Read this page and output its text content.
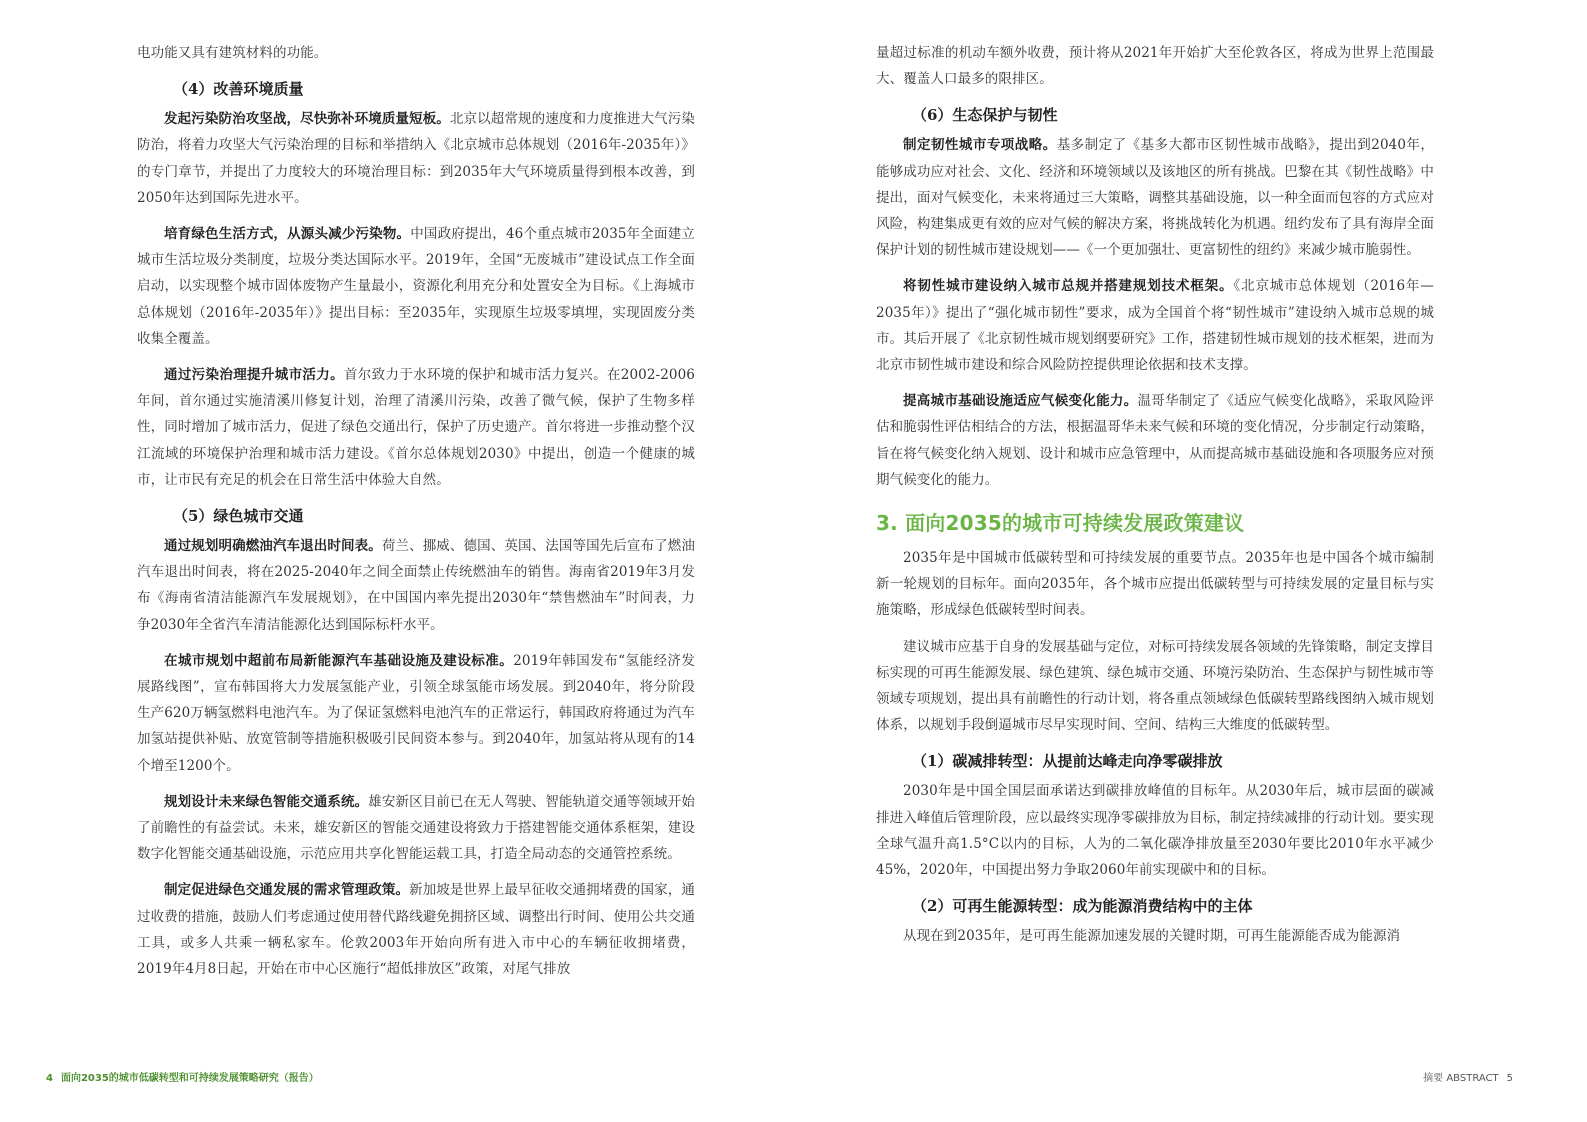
电功能又具有建筑材料的功能。

（4）改善环境质量

发起污染防治攻坚战，尽快弥补环境质量短板。北京以超常规的速度和力度推进大气污染防治，将着力攻坚大气污染治理的目标和举措纳入《北京城市总体规划（2016年-2035年）》的专门章节，并提出了力度较大的环境治理目标：到2035年大气环境质量得到根本改善，到2050年达到国际先进水平。

培育绿色生活方式，从源头减少污染物。中国政府提出，46个重点城市2035年全面建立城市生活垃圾分类制度，垃圾分类达国际水平。2019年，全国“无废城市”建设试点工作全面启动，以实现整个城市固体废物产生量最小，资源化利用充分和处置安全为目标。《上海城市总体规划（2016年-2035年）》提出目标：至2035年，实现原生垃圾零填埋，实现固废分类收集全覆盖。

通过污染治理提升城市活力。首尔致力于水环境的保护和城市活力复兴。在2002-2006年间，首尔通过实施清溪川修复计划，治理了清溪川污染，改善了微气候，保护了生物多样性，同时增加了城市活力，促进了绿色交通出行，保护了历史遗产。首尔将进一步推动整个汉江流域的环境保护治理和城市活力建设。《首尔总体规划2030》中提出，创造一个健康的城市，让市民有充足的机会在日常生活中体验大自然。

（5）绿色城市交通

通过规划明确燃油汽车退出时间表。荷兰、挪威、德国、英国、法国等国先后宣布了燃油汽车退出时间表，将在2025-2040年之间全面禁止传统燃油车的销售。海南省2019年3月发布《海南省清洁能源汽车发展规划》，在中国国内率先提出2030年“禁售燃油车”时间表，力争2030年全省汽车清洁能源化达到国际标杆水平。

在城市规划中超前布局新能源汽车基础设施及建设标准。2019年韩国发布“氢能经济发展路线图”，宣布韩国将大力发展氢能产业，引领全球氢能市场发展。到2040年，将分阶段生产620万辆氢燃料电池汽车。为了保证氢燃料电池汽车的正常运行，韩国政府将通过为汽车加氢站提供补贴、放宽管制等措施积极吸引民间资本参与。到2040年，加氢站将从现有的14个增至1200个。

规划设计未来绿色智能交通系统。雄安新区目前已在无人驾驶、智能轨道交通等领域开始了前瞻性的有益尝试。未来，雄安新区的智能交通建设将致力于搭建智能交通体系框架，建设数字化智能交通基础设施，示范应用共享化智能运载工具，打造全局动态的交通管控系统。

制定促进绿色交通发展的需求管理政策。新加坡是世界上最早征收交通拥堵费的国家，通过收费的措施，鼓励人们考虑通过使用替代路线避免拥挤区域、调整出行时间、使用公共交通工具，或多人共乘一辆私家车。伦敦2003年开始向所有进入市中心的车辆征收拥堵费，2019年4月8日起，开始在市中心区施行“超低排放区”政策，对尾气排放

量超过标准的机动车额外收费，预计将从2021年开始扩大至伦敦各区，将成为世界上范围最大、覆盖人口最多的限排区。

（6）生态保护与韧性

制定韧性城市专项战略。基多制定了《基多大都市区韧性城市战略》，提出到2040年，能够成功应对社会、文化、经济和环境领域以及该地区的所有挑战。巴黎在其《韧性战略》中提出，面对气候变化，未来将通过三大策略，调整其基础设施，以一种全面而包容的方式应对风险，构建集成更有效的应对气候的解决方案，将挑战转化为机遇。纽约发布了具有海岸全面保护计划的韧性城市建设规划——《一个更加强壮、更富韧性的纽约》来减少城市脆弱性。

将韧性城市建设纳入城市总规并搭建规划技术框架。《北京城市总体规划（2016年—2035年）》提出了“强化城市韧性”要求，成为全国首个将“韧性城市”建设纳入城市总规的城市。其后开展了《北京韧性城市规划纲要研究》工作，搭建韧性城市规划的技术框架，进而为北京市韧性城市建设和综合风险防控提供理论依据和技术支撑。

提高城市基础设施适应气候变化能力。温哥华制定了《适应气候变化战略》，采取风险评估和脆弱性评估相结合的方法，根据温哥华未来气候和环境的变化情况，分步制定行动策略，旨在将气候变化纳入规划、设计和城市应急管理中，从而提高城市基础设施和各项服务应对预期气候变化的能力。

3. 面向2035的城市可持续发展政策建议

2035年是中国城市低碳转型和可持续发展的重要节点。2035年也是中国各个城市编制新一轮规划的目标年。面向2035年，各个城市应提出低碳转型与可持续发展的定量目标与实施策略，形成绿色低碳转型时间表。

建议城市应基于自身的发展基础与定位，对标可持续发展各领域的先锋策略，制定支撑目标实现的可再生能源发展、绿色建筑、绿色城市交通、环境污染防治、生态保护与韧性城市等领域专项规划，提出具有前瞻性的行动计划，将各重点领域绿色低碳转型路线图纳入城市规划体系，以规划手段倒逼城市尽早实现时间、空间、结构三大维度的低碳转型。

（1）碳减排转型：从提前达峰走向净零碳排放

2030年是中国全国层面承诺达到碳排放峰值的目标年。从2030年后，城市层面的碳减排进入峰值后管理阶段，应以最终实现净零碳排放为目标，制定持续减排的行动计划。要实现全球气温升高1.5°C以内的目标，人为的二氧化碳净排放量至2030年要比2010年水平减少45%，2020年，中国提出努力争取2060年前实现碳中和的目标。

（2）可再生能源转型：成为能源消费结构中的主体

从现在到2035年，是可再生能源加速发展的关键时期，可再生能源能否成为能源消

4 面向2035的城市低碳转型和可持续发展策略研究（报告）	摘要 ABSTRACT 5
